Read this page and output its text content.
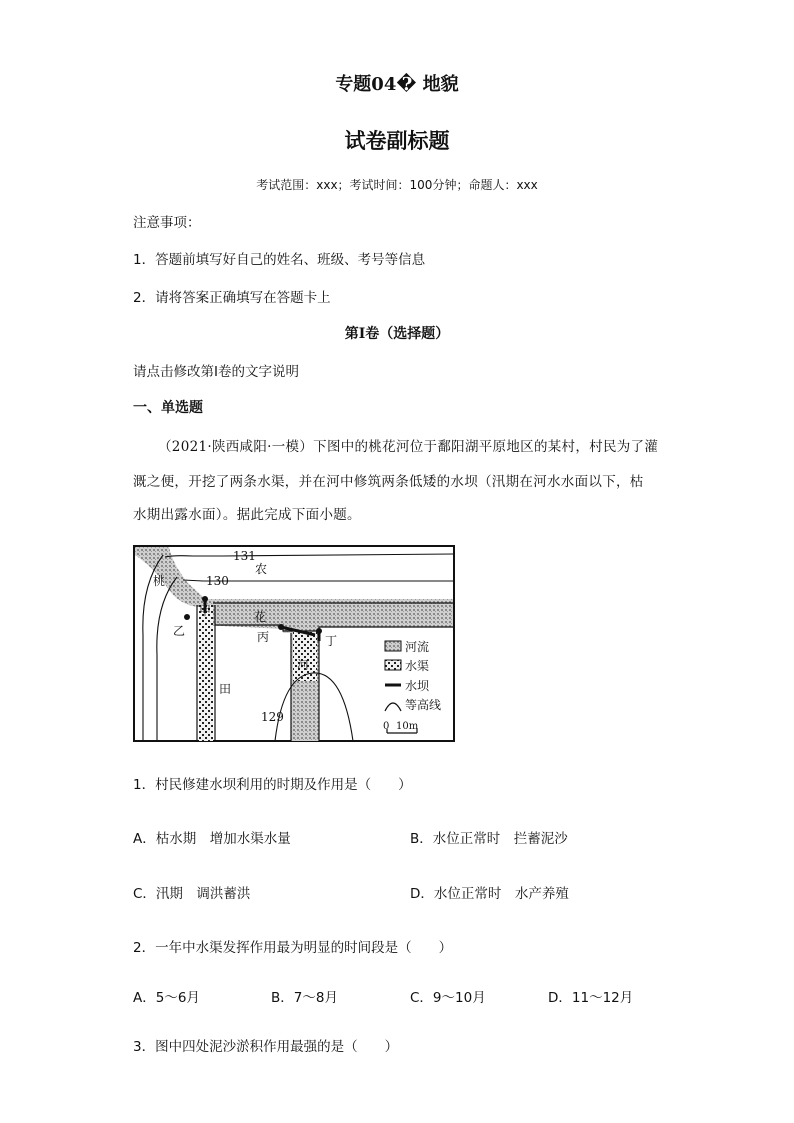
专题04� 地貌
试卷副标题
考试范围：xxx；考试时间：100分钟；命题人：xxx
注意事项：
1．答题前填写好自己的姓名、班级、考号等信息
2．请将答案正确填写在答题卡上
第I卷（选择题）
请点击修改第I卷的文字说明
一、单选题
（2021·陕西咸阳·一模）下图中的桃花河位于鄱阳湖平原地区的某村，村民为了灌
溉之便，开挖了两条水渠，并在河中修筑两条低矮的水坝（汛期在河水水面以下，枯
水期出露水面）。据此完成下面小题。
131
130
129
农
桃
花
河
田
甲
乙	丙	丁	河流
水渠
水坝
等高线
0 10m
1．村民修建水坝利用的时期及作用是（　　）
A．枯水期　增加水渠水量	B．水位正常时　拦蓄泥沙
C．汛期　调洪蓄洪	D．水位正常时　水产养殖
2．一年中水渠发挥作用最为明显的时间段是（　　）
A．5～6月	B．7～8月	C．9～10月	D．11～12月
3．图中四处泥沙淤积作用最强的是（　　）
